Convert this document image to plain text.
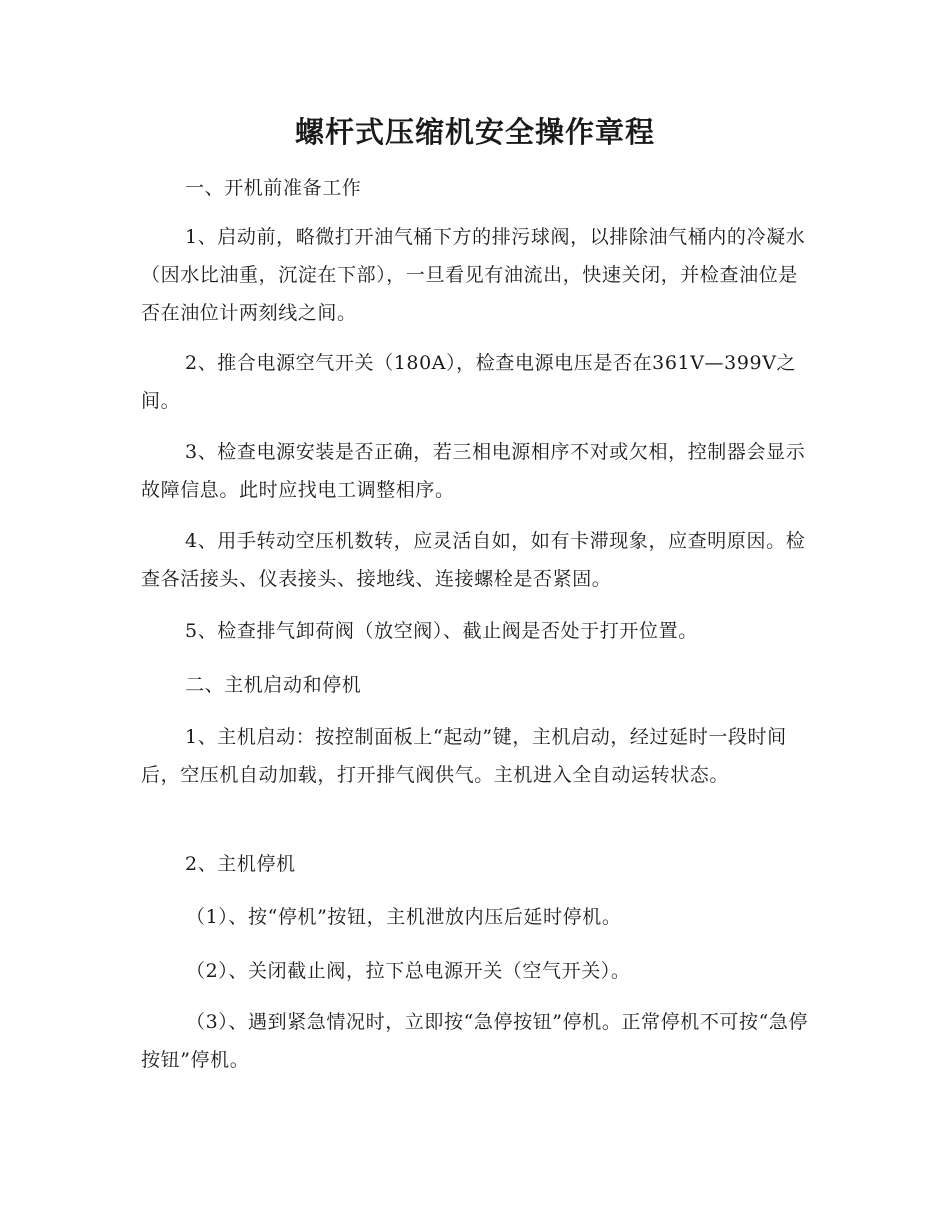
螺杆式压缩机安全操作章程
一、开机前准备工作
1、启动前，略微打开油气桶下方的排污球阀，以排除油气桶内的冷凝水（因水比油重，沉淀在下部），一旦看见有油流出，快速关闭，并检查油位是否在油位计两刻线之间。
2、推合电源空气开关（180A），检查电源电压是否在361V—399V之间。
3、检查电源安装是否正确，若三相电源相序不对或欠相，控制器会显示故障信息。此时应找电工调整相序。
4、用手转动空压机数转，应灵活自如，如有卡滞现象，应查明原因。检查各活接头、仪表接头、接地线、连接螺栓是否紧固。
5、检查排气卸荷阀（放空阀）、截止阀是否处于打开位置。
二、主机启动和停机
1、主机启动：按控制面板上“起动”键，主机启动，经过延时一段时间后，空压机自动加载，打开排气阀供气。主机进入全自动运转状态。
2、主机停机
（1）、按“停机”按钮，主机泄放内压后延时停机。
（2）、关闭截止阀，拉下总电源开关（空气开关）。
（3）、遇到紧急情况时，立即按“急停按钮”停机。正常停机不可按“急停按钮”停机。
